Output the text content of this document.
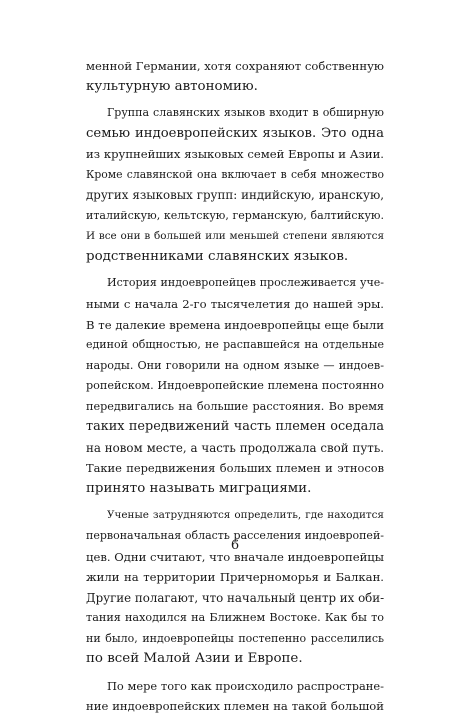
менной Германии, хотя сохраняют собственную
культурную автономию.
Группа славянских языков входит в обширную
семью индоевропейских языков. Это одна
из крупнейших языковых семей Европы и Азии.
Кроме славянской она включает в себя множество
других языковых групп: индийскую, иранскую,
италийскую, кельтскую, германскую, балтийскую.
И все они в большей или меньшей степени являются
родственниками славянских языков.
История индоевропейцев прослеживается уче-
ными с начала 2-го тысячелетия до нашей эры.
В те далекие времена индоевропейцы еще были
единой общностью, не распавшейся на отдельные
народы. Они говорили на одном языке — индоев-
ропейском. Индоевропейские племена постоянно
передвигались на большие расстояния. Во время
таких передвижений часть племен оседала
на новом месте, а часть продолжала свой путь.
Такие передвижения больших племен и этносов
принято называть миграциями.
Ученые затрудняются определить, где находится
первоначальная область расселения индоевропей-
цев. Одни считают, что вначале индоевропейцы
жили на территории Причерноморья и Балкан.
Другие полагают, что начальный центр их оби-
тания находился на Ближнем Востоке. Как бы то
ни было, индоевропейцы постепенно расселились
по всей Малой Азии и Европе.
По мере того как происходило распростране-
ние индоевропейских племен на такой большой
6
